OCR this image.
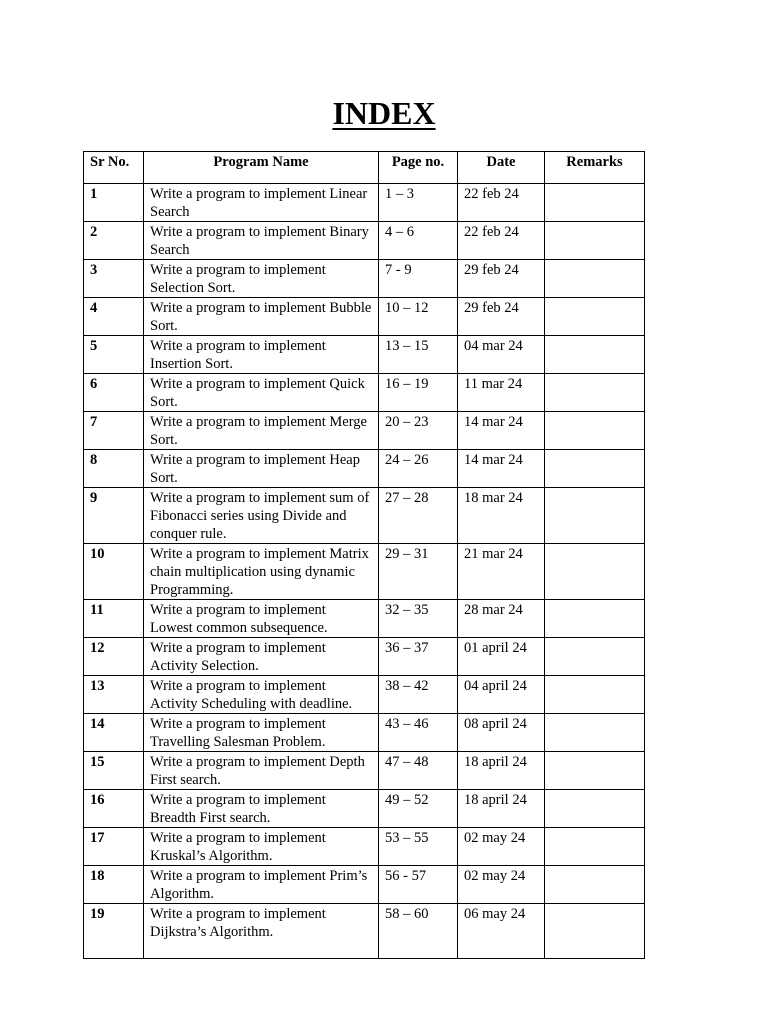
INDEX
Sr No.	Program Name	Page no.	Date	Remarks
1	Write a program to implement Linear Search	1 – 3	22 feb 24	
2	Write a program to implement Binary Search	4 – 6	22 feb 24	
3	Write a program to implement Selection Sort.	7 - 9	29 feb 24	
4	Write a program to implement Bubble Sort.	10 – 12	29 feb 24	
5	Write a program to implement Insertion Sort.	13 – 15	04 mar 24	
6	Write a program to implement Quick Sort.	16 – 19	11 mar 24	
7	Write a program to implement Merge Sort.	20 – 23	14 mar 24	
8	Write a program to implement Heap Sort.	24 – 26	14 mar 24	
9	Write a program to implement sum of Fibonacci series using Divide and conquer rule.	27 – 28	18 mar 24	
10	Write a program to implement Matrix chain multiplication using dynamic Programming.	29 – 31	21 mar 24	
11	Write a program to implement Lowest common subsequence.	32 – 35	28 mar 24	
12	Write a program to implement Activity Selection.	36 – 37	01 april 24	
13	Write a program to implement Activity Scheduling with deadline.	38 – 42	04 april 24	
14	Write a program to implement Travelling Salesman Problem.	43 – 46	08 april 24	
15	Write a program to implement Depth First search.	47 – 48	18 april 24	
16	Write a program to implement Breadth First search.	49 – 52	18 april 24	
17	Write a program to implement Kruskal’s Algorithm.	53 – 55	02 may 24	
18	Write a program to implement Prim’s Algorithm.	56 - 57	02 may 24	
19	Write a program to implement Dijkstra’s Algorithm.	58 – 60	06 may 24	
